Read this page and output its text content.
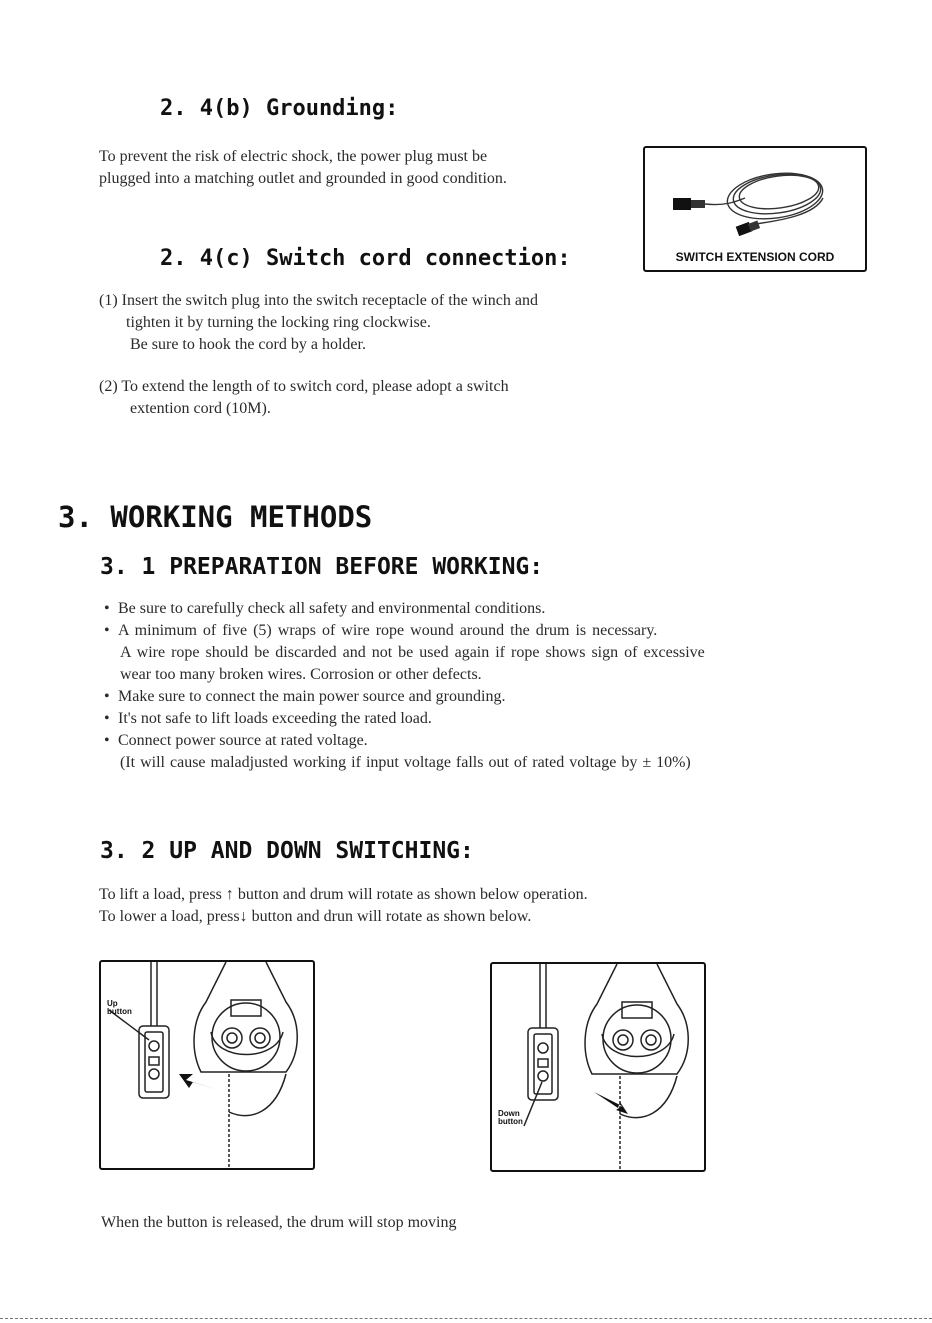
2. 4(b) Grounding:
To prevent the risk of electric shock, the power plug must be
plugged into a matching outlet and grounded in good condition.
SWITCH EXTENSION CORD
2. 4(c) Switch cord connection:
(1) Insert the switch plug into the switch receptacle of the winch and
tighten it by turning the locking ring clockwise.
Be sure to hook the cord by a holder.
(2) To extend the length of to switch cord, please adopt a switch
extention cord (10M).
3. WORKING METHODS
3. 1 PREPARATION BEFORE WORKING:
• Be sure to carefully check all safety and environmental conditions.
• A minimum of five (5) wraps of wire rope wound around the drum is necessary.
A wire rope should be discarded and not be used again if rope shows sign of excessive
wear too many broken wires. Corrosion or other defects.
• Make sure to connect the main power source and grounding.
• It's not safe to lift loads exceeding the rated load.
• Connect power source at rated voltage.
(It will cause maladjusted working if input voltage falls out of rated voltage by ± 10%)
3. 2 UP AND DOWN SWITCHING:
To lift a load, press ↑ button and drum will rotate as shown below operation.
To lower a load, press↓ button and drun will rotate as shown below.
Up
button
Down
button
When the button is released, the drum will stop moving
